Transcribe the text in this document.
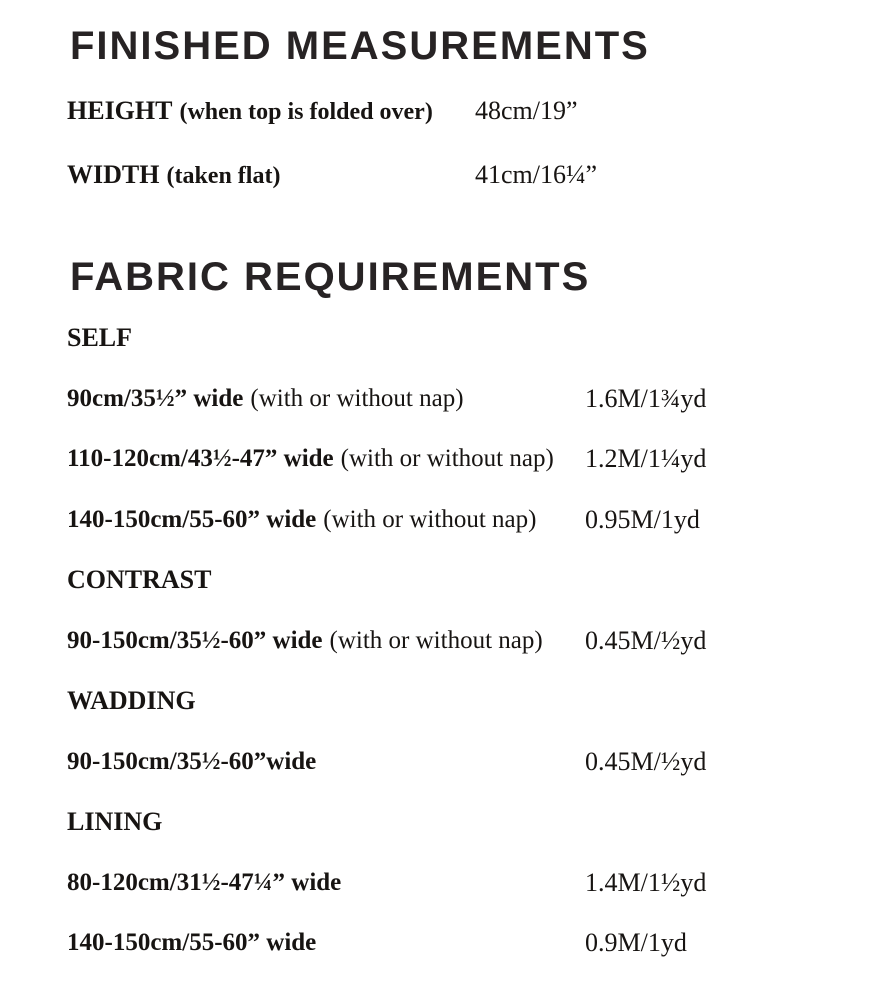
FINISHED MEASUREMENTS
HEIGHT (when top is folded over) 48cm/19”
WIDTH (taken flat)	41cm/16¼”
FABRIC REQUIREMENTS
SELF
90cm/35½” wide (with or without nap)	1.6M/1¾yd
110-120cm/43½-47” wide (with or without nap) 1.2M/1¼yd
140-150cm/55-60” wide (with or without nap) 0.95M/1yd
CONTRAST
90-150cm/35½-60” wide (with or without nap) 0.45M/½yd
WADDING
90-150cm/35½-60”wide	0.45M/½yd
LINING
80-120cm/31½-47¼” wide	1.4M/1½yd
140-150cm/55-60” wide	0.9M/1yd
